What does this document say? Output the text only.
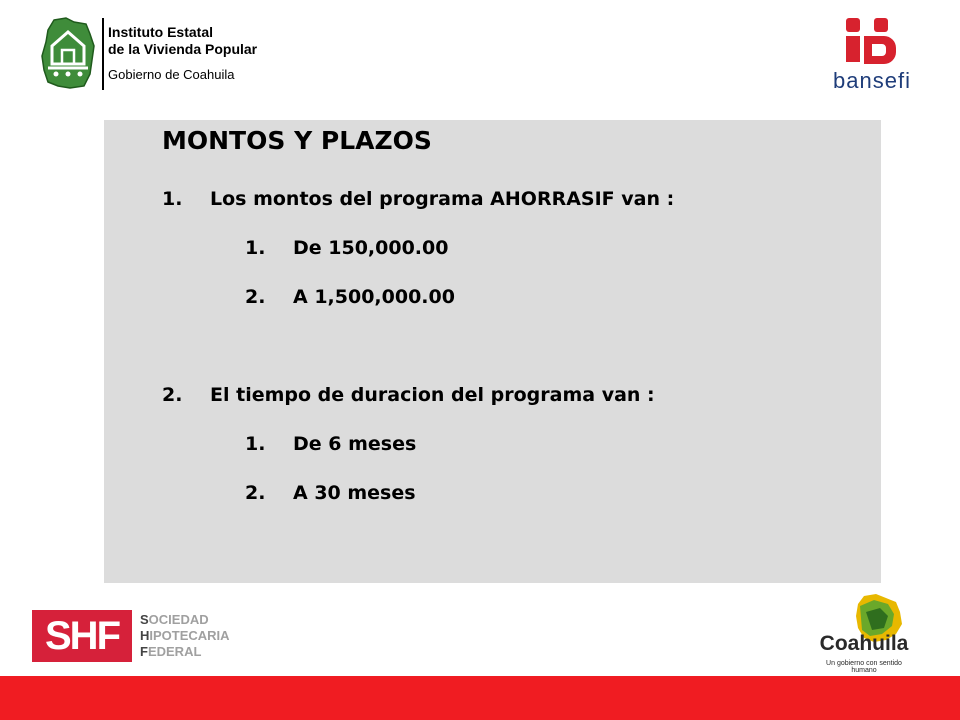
Instituto Estatal
de la Vivienda Popular
Gobierno de Coahuila	bansefi
MONTOS Y PLAZOS
1. Los montos del programa AHORRASIF van :
1. De 150,000.00
2. A 1,500,000.00
2. El tiempo de duracion del programa van :
1. De 6 meses
2. A 30 meses
SHF	SOCIEDAD
HIPOTECARIA
FEDERAL	Coahuila
Un gobierno con sentido humano
